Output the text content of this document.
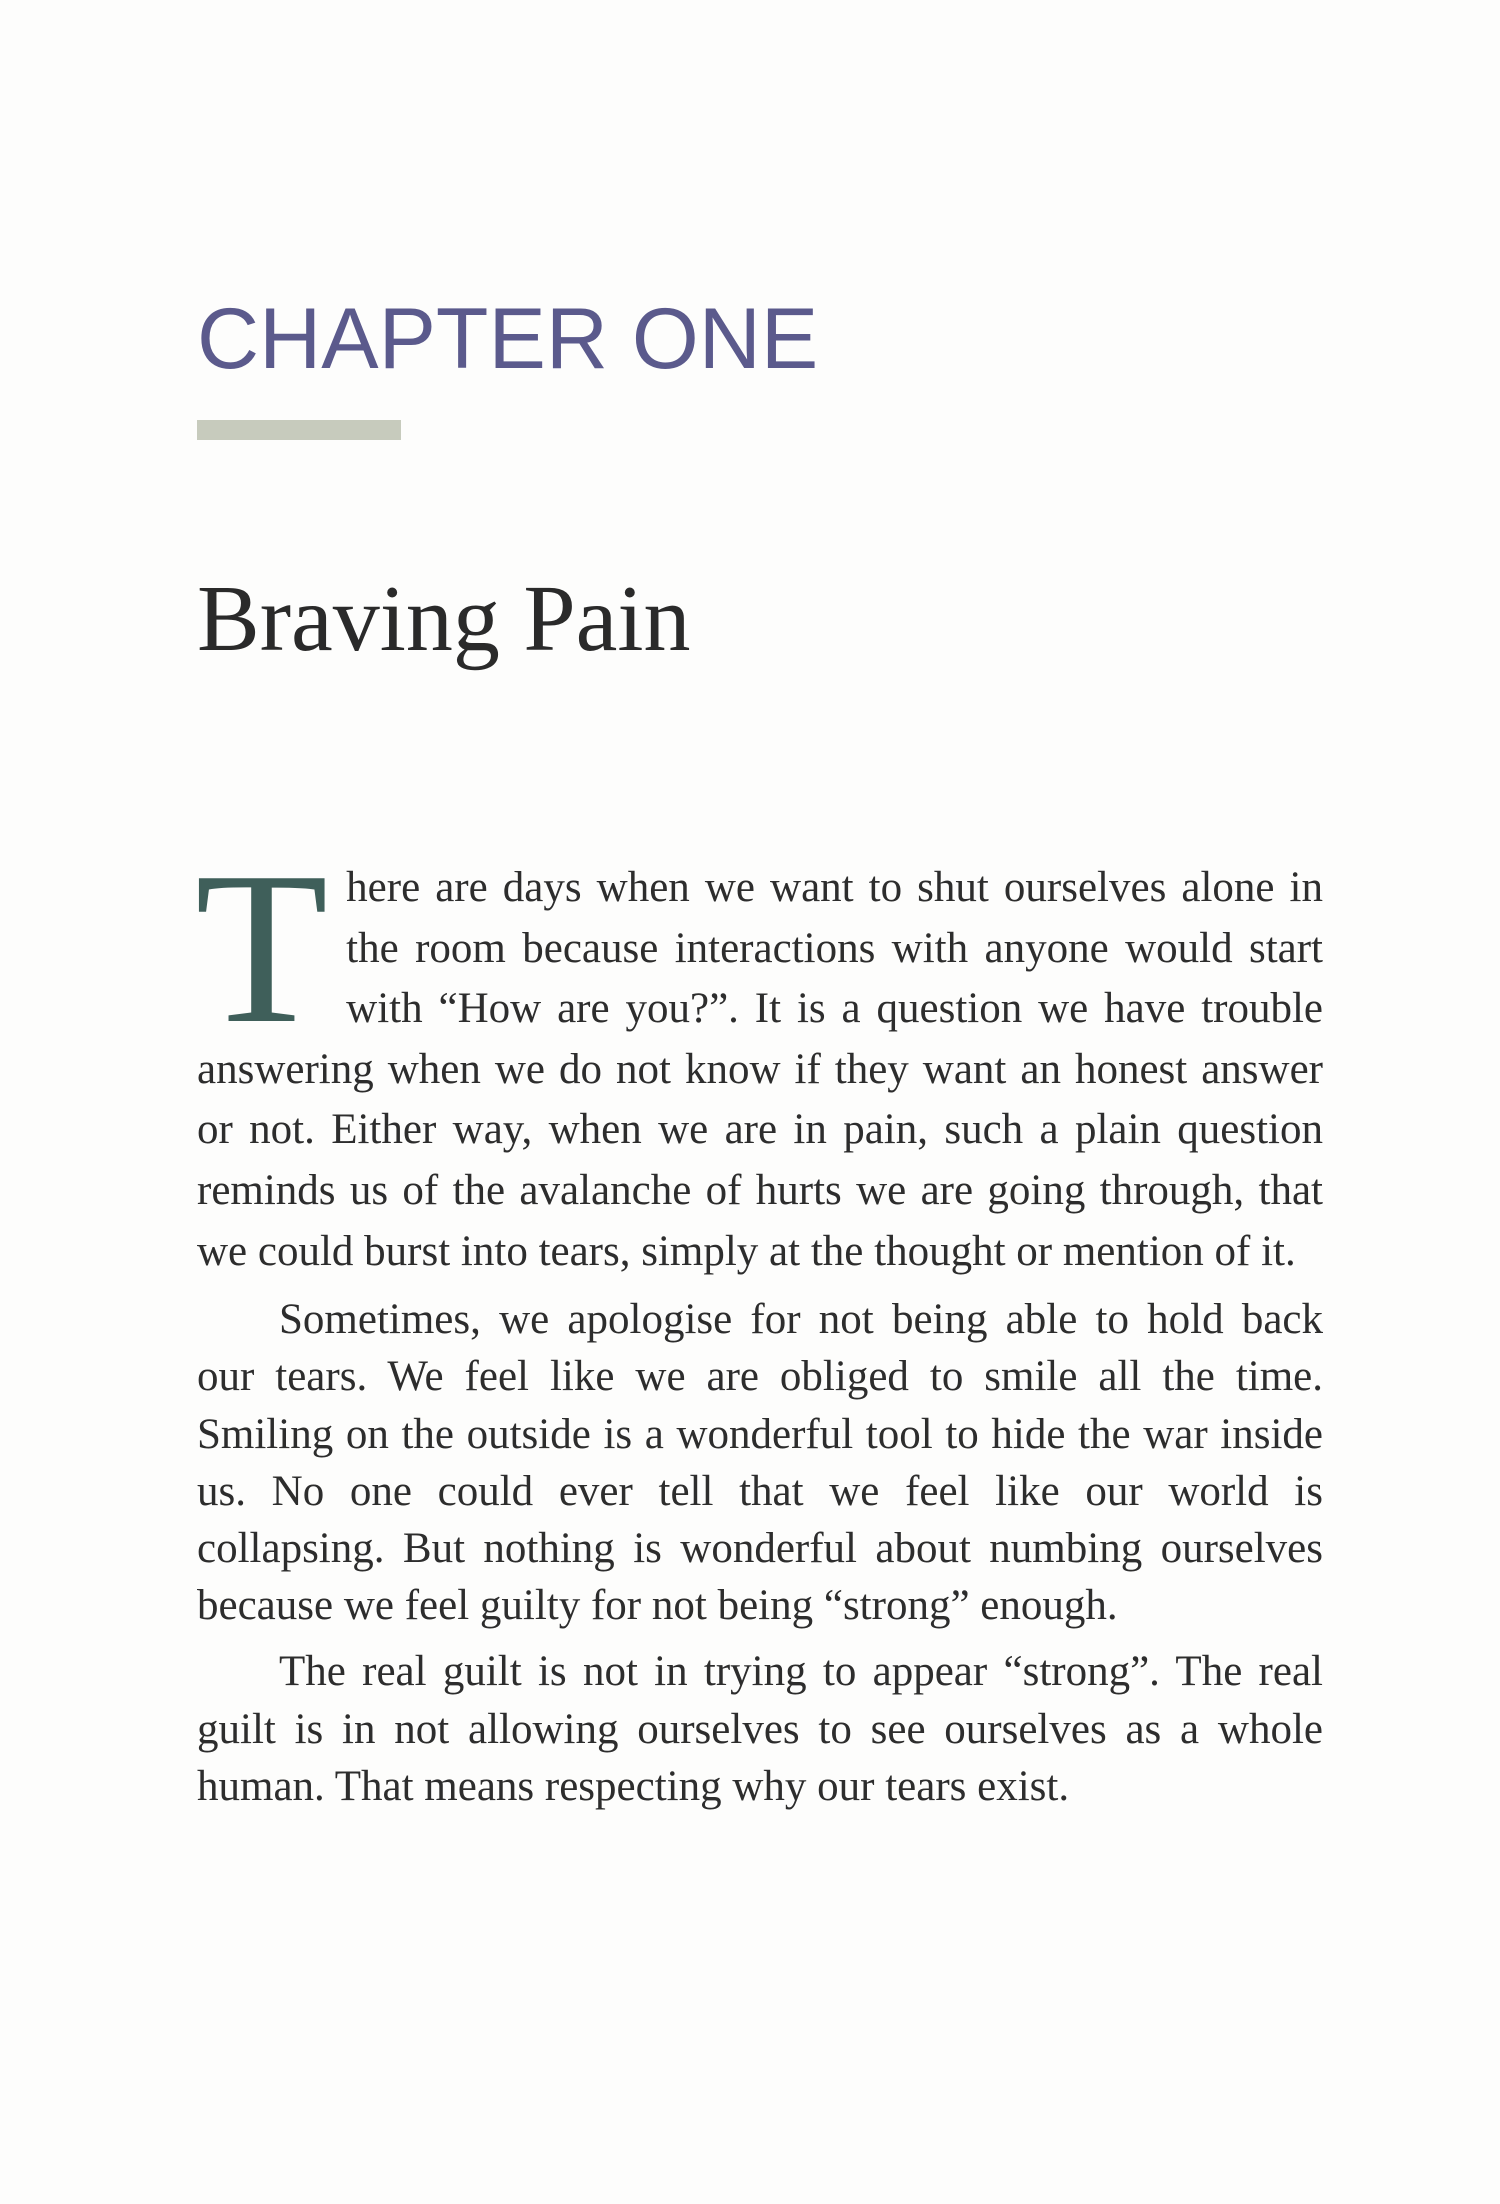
CHAPTER ONE
Braving Pain

There are days when we want to shut ourselves alone in the room because interactions with anyone would start with “How are you?”. It is a question we have trouble answering when we do not know if they want an honest answer or not. Either way, when we are in pain, such a plain question reminds us of the avalanche of hurts we are going through, that we could burst into tears, simply at the thought or mention of it.

Sometimes, we apologise for not being able to hold back our tears. We feel like we are obliged to smile all the time. Smiling on the outside is a wonderful tool to hide the war inside us. No one could ever tell that we feel like our world is collapsing. But nothing is wonderful about numbing ourselves because we feel guilty for not being “strong” enough.

The real guilt is not in trying to appear “strong”. The real guilt is in not allowing ourselves to see ourselves as a whole human. That means respecting why our tears exist.
